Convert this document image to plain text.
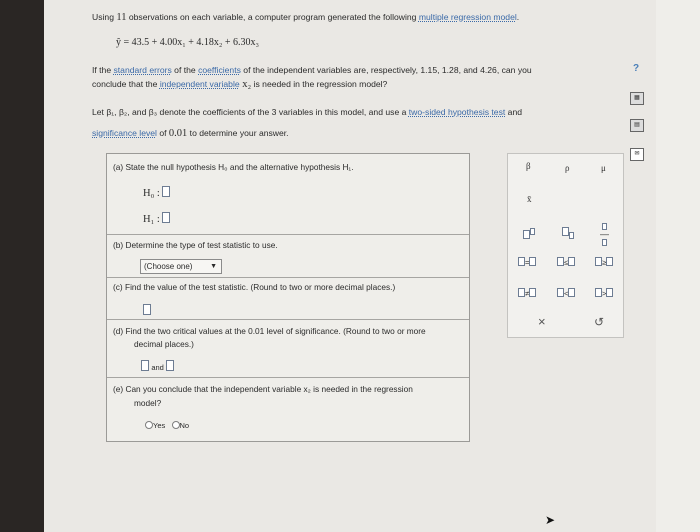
Using 11 observations on each variable, a computer program generated the following multiple regression model.
ŷ = 43.5 + 4.00x₁ + 4.18x₂ + 6.30x₃
If the standard errors of the coefficients of the independent variables are, respectively, 1.15, 1.28, and 4.26, can you
conclude that the independent variable x₂ is needed in the regression model?
Let β₁, β₂, and β₃ denote the coefficients of the 3 variables in this model, and use a two-sided hypothesis test and
significance level of 0.01 to determine your answer.
(a) State the null hypothesis H₀ and the alternative hypothesis H₁.
H₀ :
H₁ :
(b) Determine the type of test statistic to use.
(Choose one)	▼
(c) Find the value of the test statistic. (Round to two or more decimal places.)
(d) Find the two critical values at the 0.01 level of significance. (Round to two or more
decimal places.)
and
(e) Can you conclude that the independent variable x₂ is needed in the regression
model?
Yes No
β	ρ	μ
x̄

—

=	≤	≥
≠	<	>
×	↺
?
▦
▤
✉
➤
